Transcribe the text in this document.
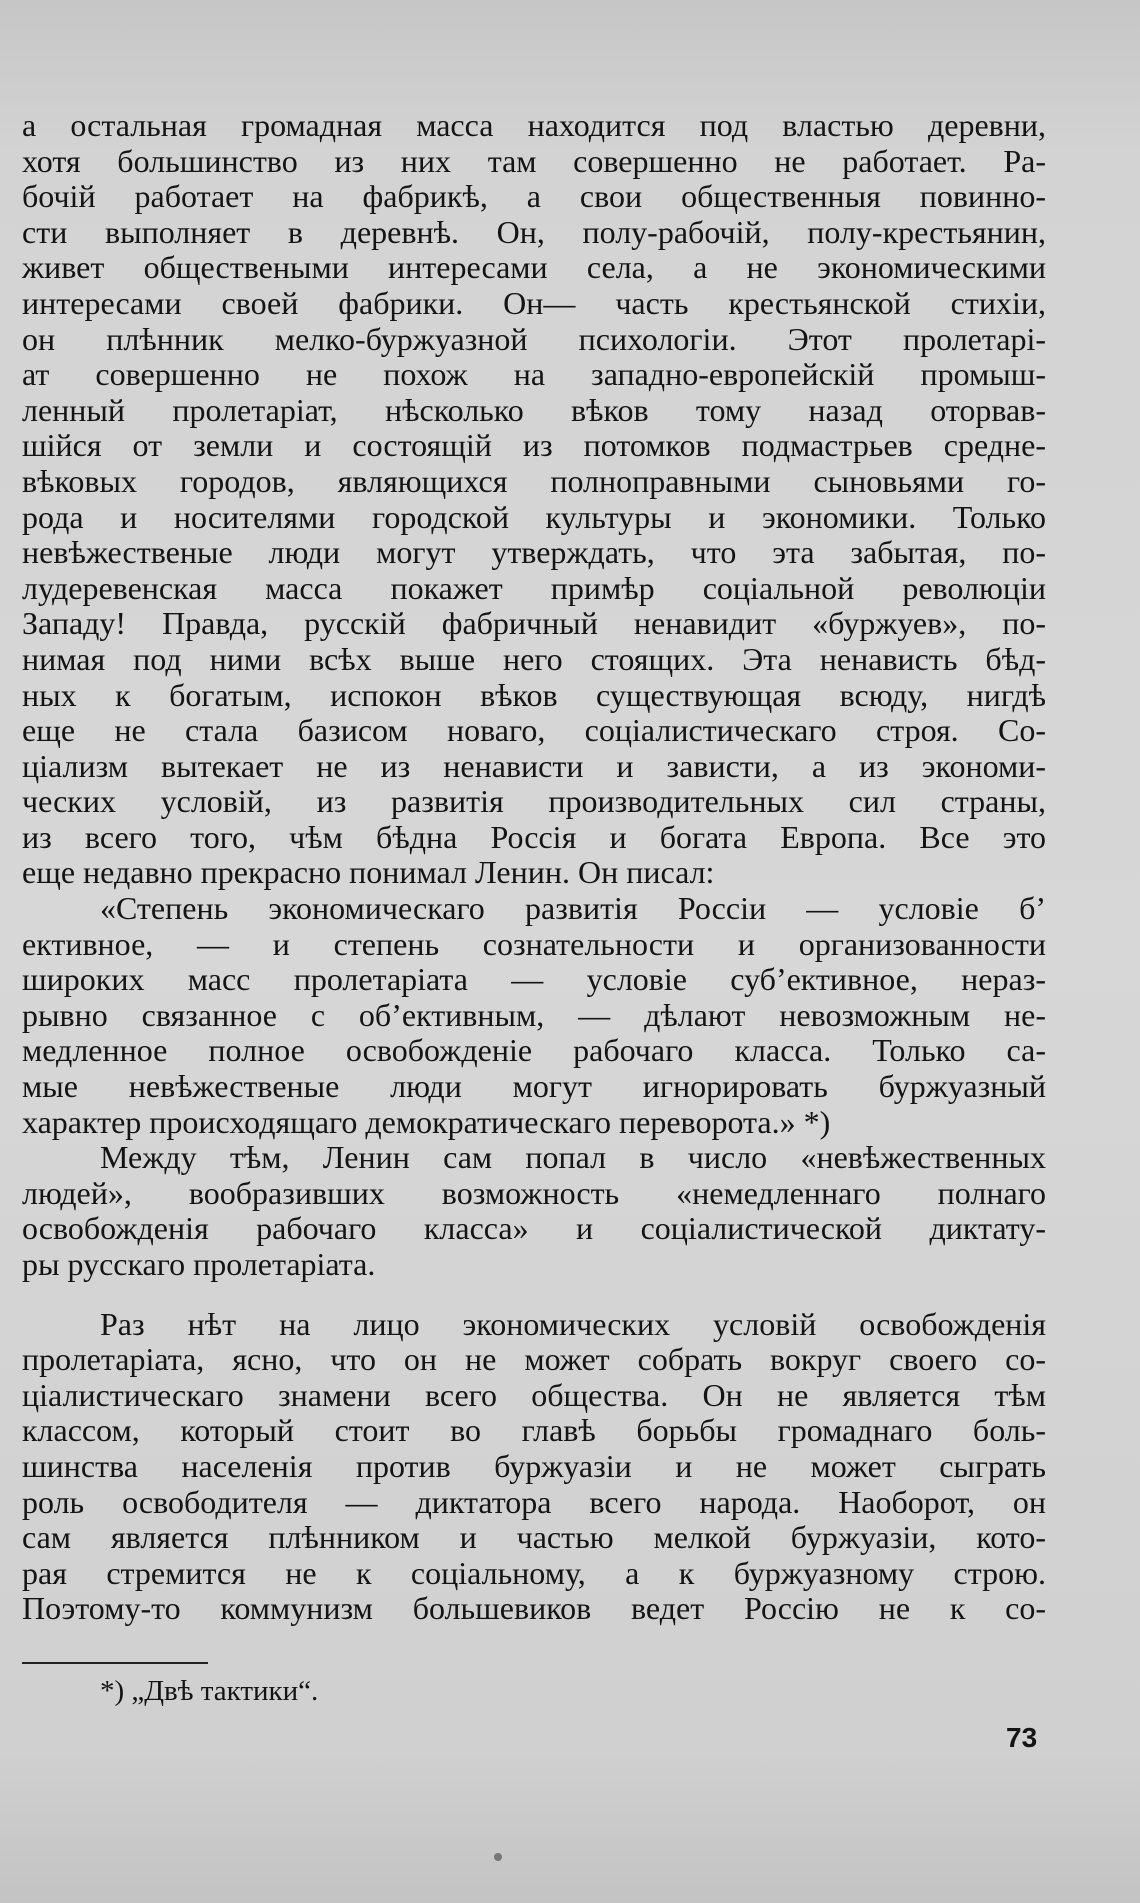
а остальная громадная масса находится под властью деревни,
хотя большинство из них там совершенно не работает. Ра-
бочій работает на фабрикѣ, а свои общественныя повинно-
сти выполняет в деревнѣ. Он, полу-рабочій, полу-крестьянин,
живет обществеными интересами села, а не экономическими
интересами своей фабрики. Он— часть крестьянской стихіи,
он плѣнник мелко-буржуазной психологіи. Этот пролетарі-
ат совершенно не похож на западно-европейскій промыш-
ленный пролетаріат, нѣсколько вѣков тому назад оторвав-
шійся от земли и состоящій из потомков подмастрьев средне-
вѣковых городов, являющихся полноправными сыновьями го-
рода и носителями городской культуры и экономики. Только
невѣжественые люди могут утверждать, что эта забытая, по-
лудеревенская масса покажет примѣр соціальной революціи
Западу! Правда, русскій фабричный ненавидит «буржуев», по-
нимая под ними всѣх выше него стоящих. Эта ненависть бѣд-
ных к богатым, испокон вѣков существующая всюду, нигдѣ
еще не стала базисом новаго, соціалистическаго строя. Со-
ціализм вытекает не из ненависти и зависти, а из экономи-
ческих условій, из развитія производительных сил страны,
из всего того, чѣм бѣдна Россія и богата Европа. Все это
еще недавно прекрасно понимал Ленин. Он писал:
«Степень экономическаго развитія Россіи — условіе б’
ективное, — и степень сознательности и организованности
широких масс пролетаріата — условіе суб’ективное, нераз-
рывно связанное с об’ективным, — дѣлают невозможным не-
медленное полное освобожденіе рабочаго класса. Только са-
мые невѣжественые люди могут игнорировать буржуазный
характер происходящаго демократическаго переворота.» *)
Между тѣм, Ленин сам попал в число «невѣжественных
людей», вообразивших возможность «немедленнаго полнаго
освобожденія рабочаго класса» и соціалистической диктату-
ры русскаго пролетаріата.
Раз нѣт на лицо экономических условій освобожденія
пролетаріата, ясно, что он не может собрать вокруг своего со-
ціалистическаго знамени всего общества. Он не является тѣм
классом, который стоит во главѣ борьбы громаднаго боль-
шинства населенія против буржуазіи и не может сыграть
роль освободителя — диктатора всего народа. Наоборот, он
сам является плѣнником и частью мелкой буржуазіи, кото-
рая стремится не к соціальному, а к буржуазному строю.
Поэтому-то коммунизм большевиков ведет Россію не к со-
*) „Двѣ тактики“.
73
